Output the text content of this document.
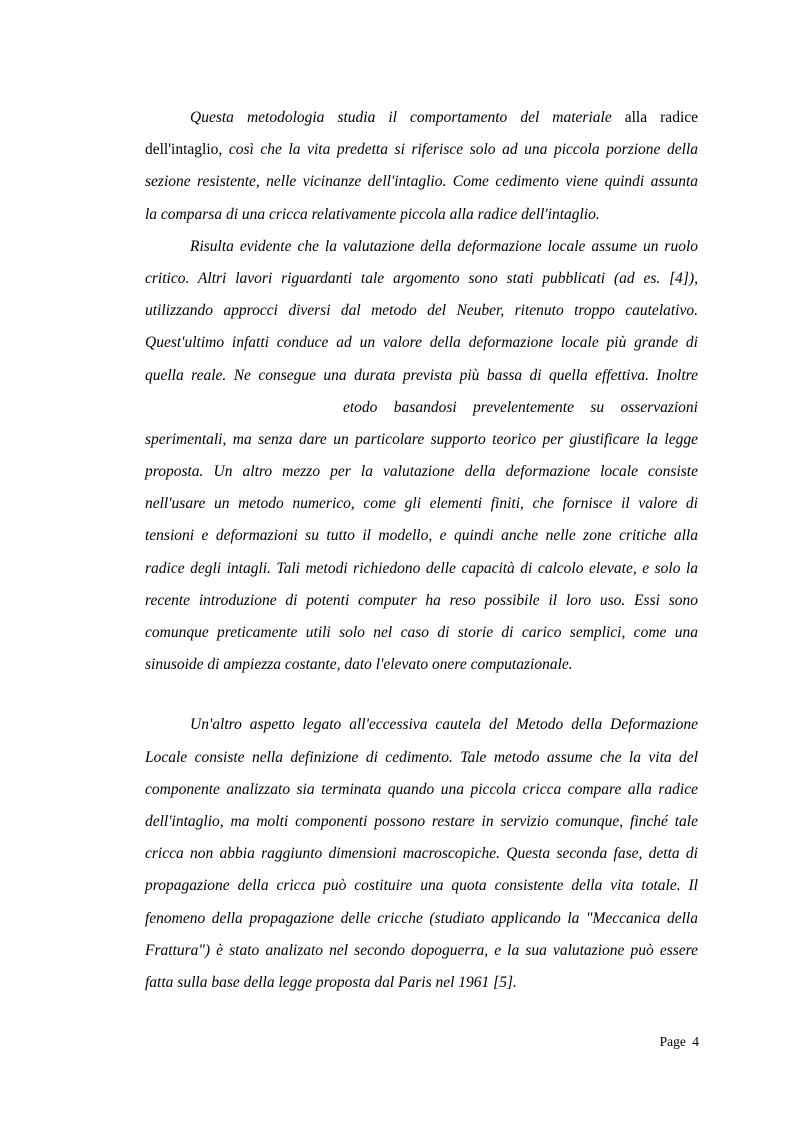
Questa metodologia studia il comportamento del materiale alla radice
dell'intaglio, così che la vita predetta si riferisce solo ad una piccola porzione della
sezione resistente, nelle vicinanze dell'intaglio. Come cedimento viene quindi assunta
la comparsa di una cricca relativamente piccola alla radice dell'intaglio.

Risulta evidente che la valutazione della deformazione locale assume un ruolo
critico. Altri lavori riguardanti tale argomento sono stati pubblicati (ad es. [4]),
utilizzando approcci diversi dal metodo del Neuber, ritenuto troppo cautelativo.
Quest'ultimo infatti conduce ad un valore della deformazione locale più grande di
quella reale. Ne consegue una durata prevista più bassa di quella effettiva. Inoltre
etodo basandosi prevelentemente su osservazioni
sperimentali, ma senza dare un particolare supporto teorico per giustificare la legge
proposta. Un altro mezzo per la valutazione della deformazione locale consiste
nell'usare un metodo numerico, come gli elementi finiti, che fornisce il valore di
tensioni e deformazioni su tutto il modello, e quindi anche nelle zone critiche alla
radice degli intagli. Tali metodi richiedono delle capacità di calcolo elevate, e solo la
recente introduzione di potenti computer ha reso possibile il loro uso. Essi sono
comunque preticamente utili solo nel caso di storie di carico semplici, come una
sinusoide di ampiezza costante, dato l'elevato onere computazionale.

Un'altro aspetto legato all'eccessiva cautela del Metodo della Deformazione
Locale consiste nella definizione di cedimento. Tale metodo assume che la vita del
componente analizzato sia terminata quando una piccola cricca compare alla radice
dell'intaglio, ma molti componenti possono restare in servizio comunque, finché tale
cricca non abbia raggiunto dimensioni macroscopiche. Questa seconda fase, detta di
propagazione della cricca può costituire una quota consistente della vita totale. Il
fenomeno della propagazione delle cricche (studiato applicando la "Meccanica della
Frattura") è stato analizato nel secondo dopoguerra, e la sua valutazione può essere
fatta sulla base della legge proposta dal Paris nel 1961 [5].

Page 4
